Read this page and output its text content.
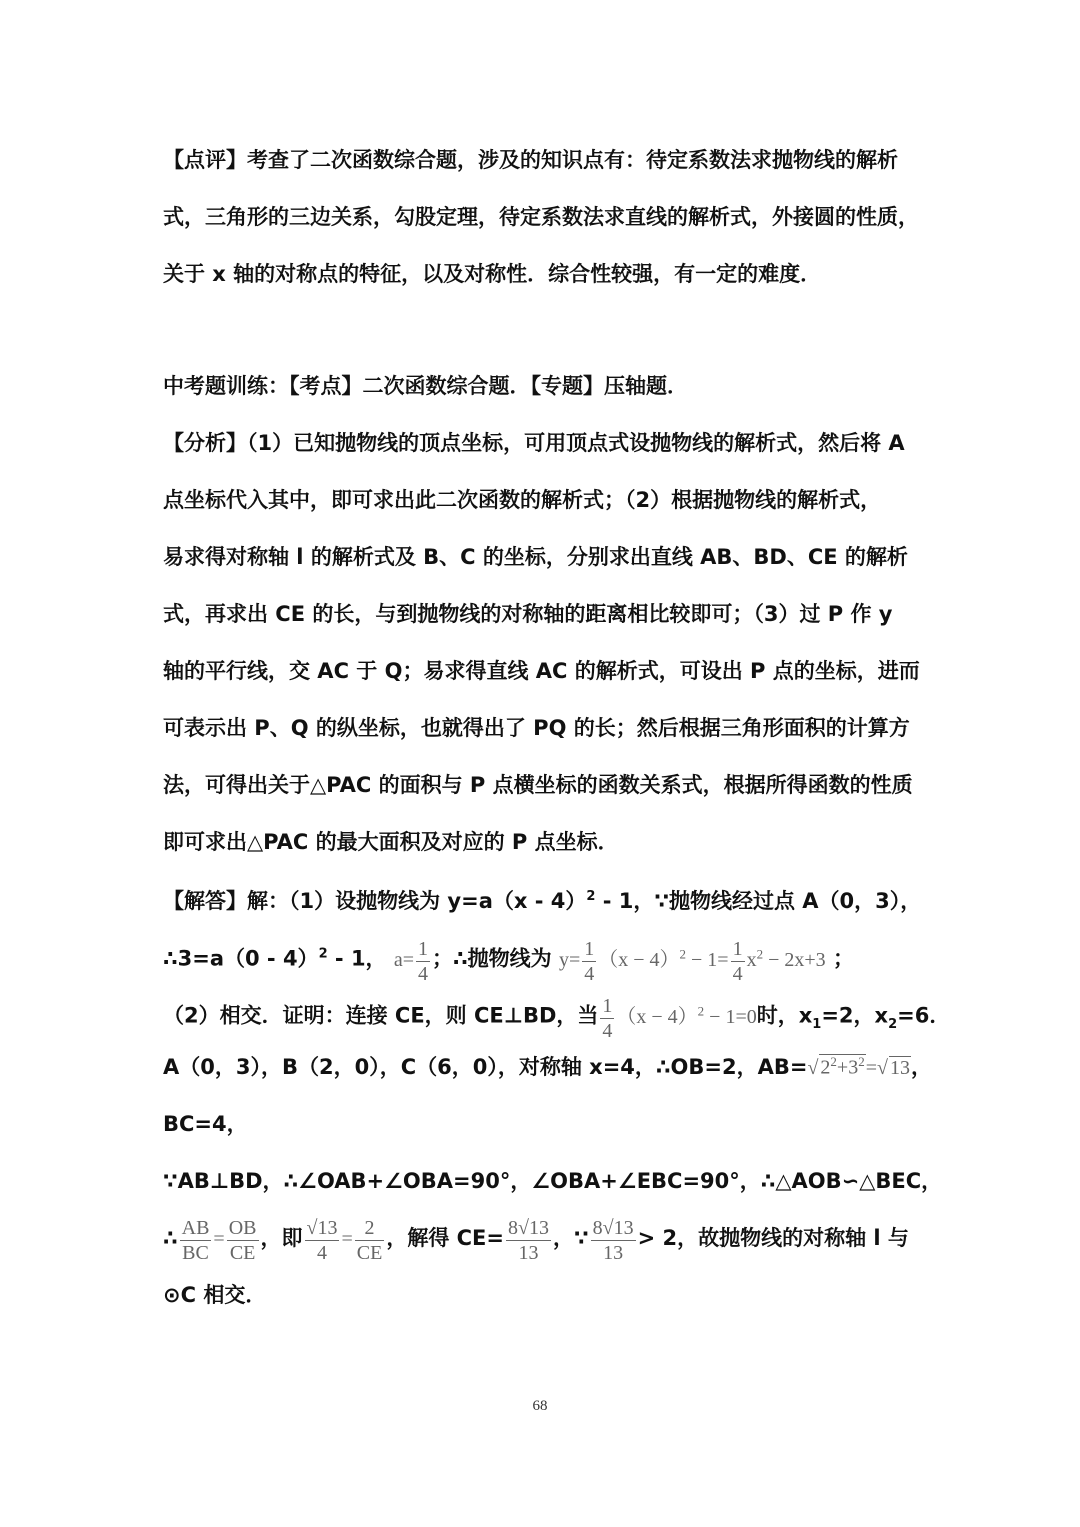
【点评】考查了二次函数综合题，涉及的知识点有：待定系数法求抛物线的解析
式，三角形的三边关系，勾股定理，待定系数法求直线的解析式，外接圆的性质，
关于 x 轴的对称点的特征，以及对称性．综合性较强，有一定的难度．
中考题训练：【考点】二次函数综合题．【专题】压轴题．
【分析】（1）已知抛物线的顶点坐标，可用顶点式设抛物线的解析式，然后将 A
点坐标代入其中，即可求出此二次函数的解析式；（2）根据抛物线的解析式，
易求得对称轴 l 的解析式及 B、C 的坐标，分别求出直线 AB、BD、CE 的解析
式，再求出 CE 的长，与到抛物线的对称轴的距离相比较即可；（3）过 P 作 y
轴的平行线，交 AC 于 Q；易求得直线 AC 的解析式，可设出 P 点的坐标，进而
可表示出 P、Q 的纵坐标，也就得出了 PQ 的长；然后根据三角形面积的计算方
法，可得出关于△PAC 的面积与 P 点横坐标的函数关系式，根据所得函数的性质
即可求出△PAC 的最大面积及对应的 P 点坐标．
【解答】解：（1）设抛物线为 y=a（x - 4）$^2$ - 1，∵抛物线经过点 A（0，3），
∴3=a（0 - 4）$^2$ - 1， $a= \frac{1}{4}$ ；∴抛物线为 $y= \frac{1}{4} (x - 4)^2 - 1= \frac{1}{4} x^2 - 2x+3$ ；
（2）相交．证明：连接 CE，则 CE⊥BD，当 $\frac{1}{4} (x - 4)^2 - 1=0$时，$x_1=2$，$x_2=6$．
A（0，3），B（2，0），C（6，0），对称轴 x=4，∴OB=2，AB=√ $2^2+3^2=√$ 13，
BC=4，
∵AB⊥BD，∴∠OAB+∠OBA=90°，∠OBA+∠EBC=90°，∴△AOB∽△BEC，
∴ $\frac{AB}{BC} = \frac{OB}{CE}$ ，即 $\frac{√13}{4} = \frac{2}{CE}$ ，解得 $CE= \frac{8√13}{13}$ ，∵ $\frac{8√13}{13} > 2$，故抛物线的对称轴 l 与
⊙C 相交．
68
